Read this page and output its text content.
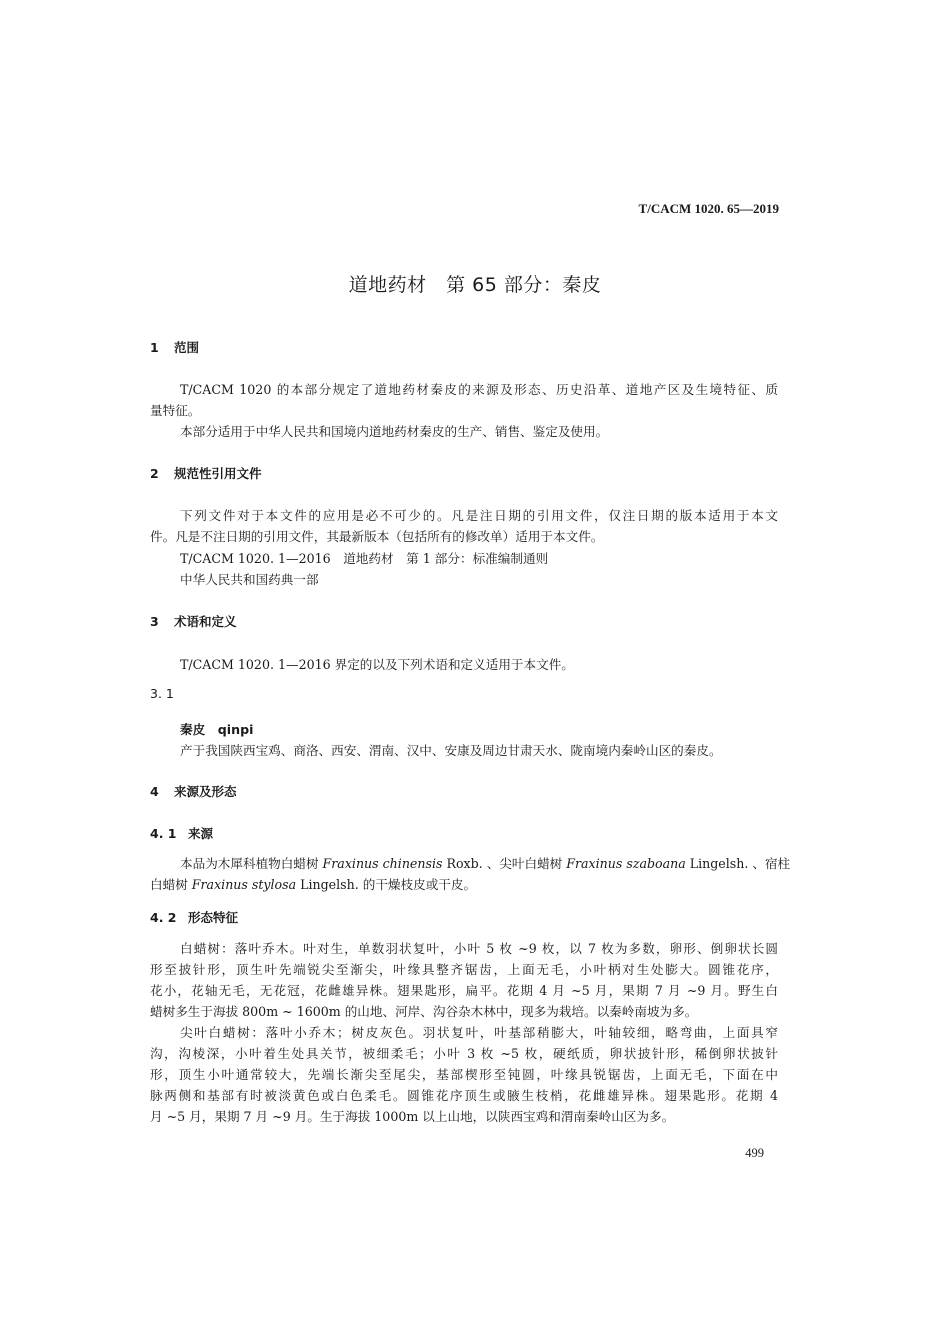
T/CACM 1020. 65—2019
道地药材　第 65 部分：秦皮
1 范围
T/CACM 1020 的本部分规定了道地药材秦皮的来源及形态、历史沿革、道地产区及生境特征、质
量特征。
本部分适用于中华人民共和国境内道地药材秦皮的生产、销售、鉴定及使用。
2 规范性引用文件
下列文件对于本文件的应用是必不可少的。凡是注日期的引用文件，仅注日期的版本适用于本文
件。凡是不注日期的引用文件，其最新版本（包括所有的修改单）适用于本文件。
T/CACM 1020. 1—2016　道地药材　第 1 部分：标准编制通则
中华人民共和国药典一部
3 术语和定义
T/CACM 1020. 1—2016 界定的以及下列术语和定义适用于本文件。
3. 1
秦皮　qinpi
产于我国陕西宝鸡、商洛、西安、渭南、汉中、安康及周边甘肃天水、陇南境内秦岭山区的秦皮。
4 来源及形态
4. 1 来源
本品为木犀科植物白蜡树 Fraxinus chinensis Roxb. 、尖叶白蜡树 Fraxinus szaboana Lingelsh. 、宿柱
白蜡树 Fraxinus stylosa Lingelsh. 的干燥枝皮或干皮。
4. 2 形态特征
白蜡树：落叶乔木。叶对生，单数羽状复叶，小叶 5 枚 ~9 枚，以 7 枚为多数，卵形、倒卵状长圆
形至披针形，顶生叶先端锐尖至渐尖，叶缘具整齐锯齿，上面无毛，小叶柄对生处膨大。圆锥花序，
花小，花轴无毛，无花冠，花雌雄异株。翅果匙形，扁平。花期 4 月 ~5 月，果期 7 月 ~9 月。野生白
蜡树多生于海拔 800m ~ 1600m 的山地、河岸、沟谷杂木林中，现多为栽培。以秦岭南坡为多。
尖叶白蜡树：落叶小乔木；树皮灰色。羽状复叶，叶基部稍膨大，叶轴较细，略弯曲，上面具窄
沟，沟棱深，小叶着生处具关节，被细柔毛；小叶 3 枚 ~5 枚，硬纸质，卵状披针形，稀倒卵状披针
形，顶生小叶通常较大，先端长渐尖至尾尖，基部楔形至钝圆，叶缘具锐锯齿，上面无毛，下面在中
脉两侧和基部有时被淡黄色或白色柔毛。圆锥花序顶生或腋生枝梢，花雌雄异株。翅果匙形。花期 4
月 ~5 月，果期 7 月 ~9 月。生于海拔 1000m 以上山地，以陕西宝鸡和渭南秦岭山区为多。
499
